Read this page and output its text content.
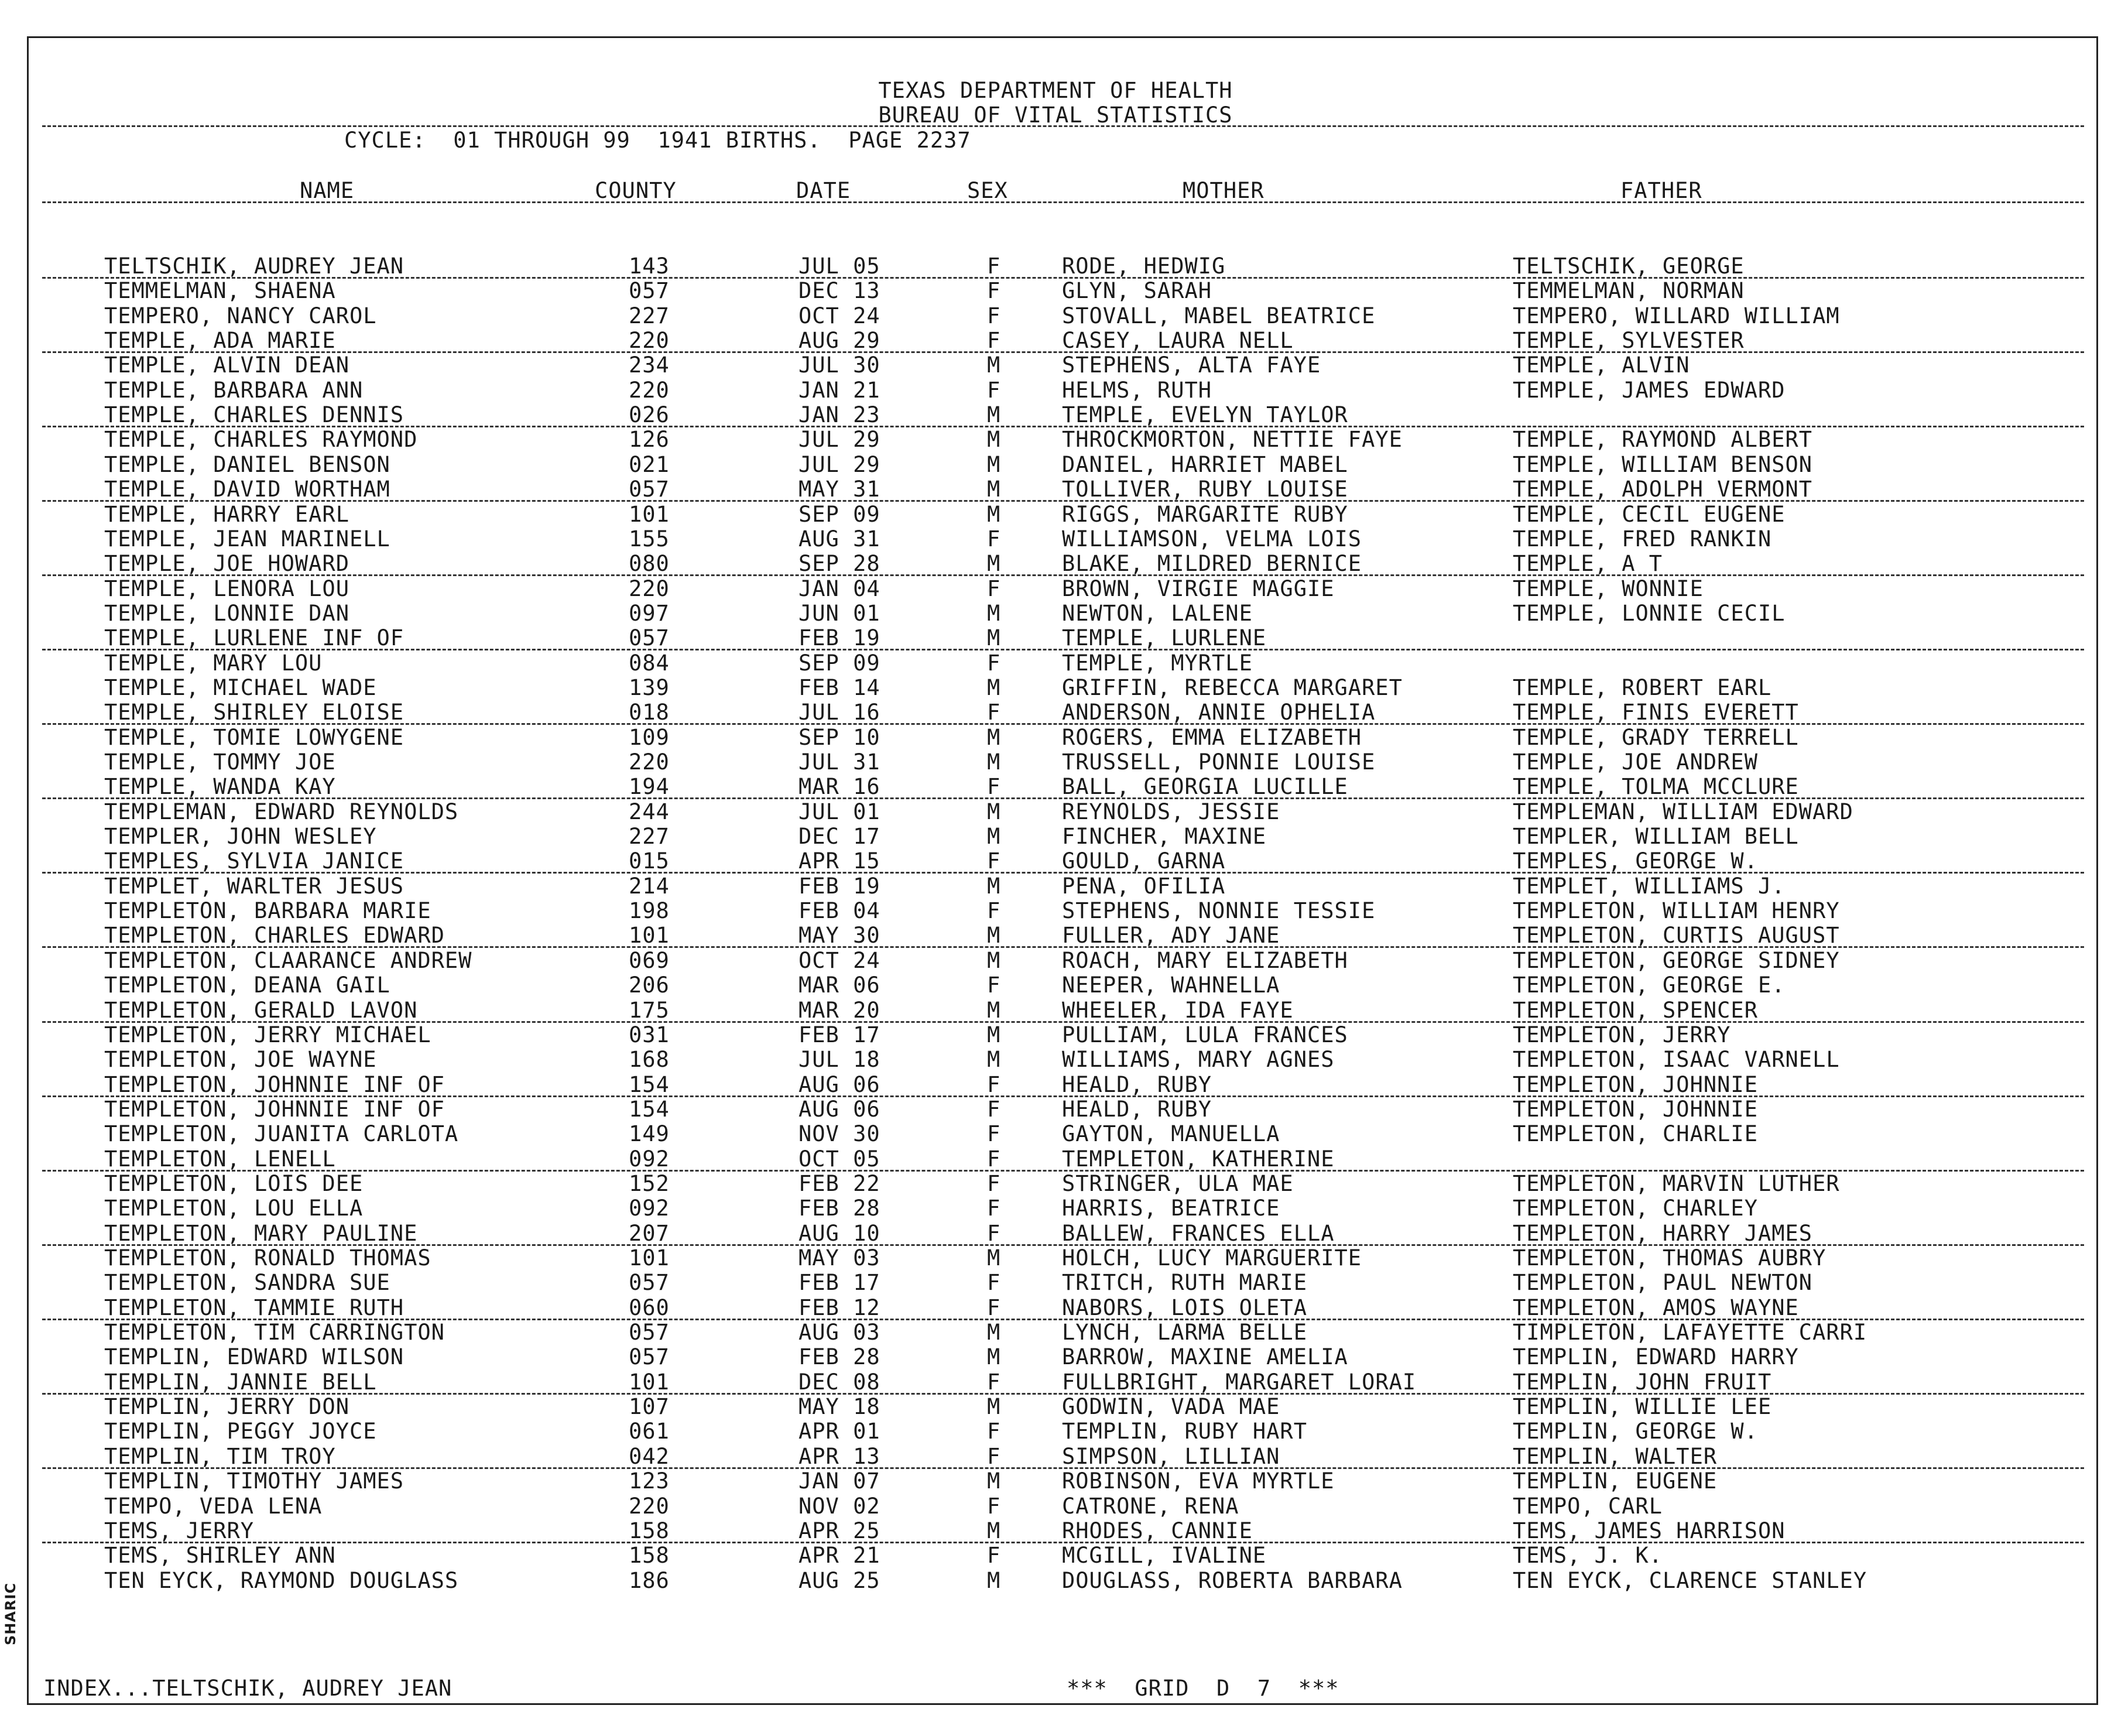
TEXAS DEPARTMENT OF HEALTH
BUREAU OF VITAL STATISTICS
CYCLE:  01 THROUGH 99  1941 BIRTHS.  PAGE 2237
NAME	COUNTY	DATE	SEX	MOTHER	FATHER
TELTSCHIK, AUDREY JEAN	143	JUL 05	F	RODE, HEDWIG	TELTSCHIK, GEORGE
TEMMELMAN, SHAENA	057	DEC 13	F	GLYN, SARAH	TEMMELMAN, NORMAN
TEMPERO, NANCY CAROL	227	OCT 24	F	STOVALL, MABEL BEATRICE	TEMPERO, WILLARD WILLIAM
TEMPLE, ADA MARIE	220	AUG 29	F	CASEY, LAURA NELL	TEMPLE, SYLVESTER
TEMPLE, ALVIN DEAN	234	JUL 30	M	STEPHENS, ALTA FAYE	TEMPLE, ALVIN
TEMPLE, BARBARA ANN	220	JAN 21	F	HELMS, RUTH	TEMPLE, JAMES EDWARD
TEMPLE, CHARLES DENNIS	026	JAN 23	M	TEMPLE, EVELYN TAYLOR
TEMPLE, CHARLES RAYMOND	126	JUL 29	M	THROCKMORTON, NETTIE FAYE	TEMPLE, RAYMOND ALBERT
TEMPLE, DANIEL BENSON	021	JUL 29	M	DANIEL, HARRIET MABEL	TEMPLE, WILLIAM BENSON
TEMPLE, DAVID WORTHAM	057	MAY 31	M	TOLLIVER, RUBY LOUISE	TEMPLE, ADOLPH VERMONT
TEMPLE, HARRY EARL	101	SEP 09	M	RIGGS, MARGARITE RUBY	TEMPLE, CECIL EUGENE
TEMPLE, JEAN MARINELL	155	AUG 31	F	WILLIAMSON, VELMA LOIS	TEMPLE, FRED RANKIN
TEMPLE, JOE HOWARD	080	SEP 28	M	BLAKE, MILDRED BERNICE	TEMPLE, A T
TEMPLE, LENORA LOU	220	JAN 04	F	BROWN, VIRGIE MAGGIE	TEMPLE, WONNIE
TEMPLE, LONNIE DAN	097	JUN 01	M	NEWTON, LALENE	TEMPLE, LONNIE CECIL
TEMPLE, LURLENE INF OF	057	FEB 19	M	TEMPLE, LURLENE
TEMPLE, MARY LOU	084	SEP 09	F	TEMPLE, MYRTLE
TEMPLE, MICHAEL WADE	139	FEB 14	M	GRIFFIN, REBECCA MARGARET	TEMPLE, ROBERT EARL
TEMPLE, SHIRLEY ELOISE	018	JUL 16	F	ANDERSON, ANNIE OPHELIA	TEMPLE, FINIS EVERETT
TEMPLE, TOMIE LOWYGENE	109	SEP 10	M	ROGERS, EMMA ELIZABETH	TEMPLE, GRADY TERRELL
TEMPLE, TOMMY JOE	220	JUL 31	M	TRUSSELL, PONNIE LOUISE	TEMPLE, JOE ANDREW
TEMPLE, WANDA KAY	194	MAR 16	F	BALL, GEORGIA LUCILLE	TEMPLE, TOLMA MCCLURE
TEMPLEMAN, EDWARD REYNOLDS	244	JUL 01	M	REYNOLDS, JESSIE	TEMPLEMAN, WILLIAM EDWARD
TEMPLER, JOHN WESLEY	227	DEC 17	M	FINCHER, MAXINE	TEMPLER, WILLIAM BELL
TEMPLES, SYLVIA JANICE	015	APR 15	F	GOULD, GARNA	TEMPLES, GEORGE W.
TEMPLET, WARLTER JESUS	214	FEB 19	M	PENA, OFILIA	TEMPLET, WILLIAMS J.
TEMPLETON, BARBARA MARIE	198	FEB 04	F	STEPHENS, NONNIE TESSIE	TEMPLETON, WILLIAM HENRY
TEMPLETON, CHARLES EDWARD	101	MAY 30	M	FULLER, ADY JANE	TEMPLETON, CURTIS AUGUST
TEMPLETON, CLAARANCE ANDREW	069	OCT 24	M	ROACH, MARY ELIZABETH	TEMPLETON, GEORGE SIDNEY
TEMPLETON, DEANA GAIL	206	MAR 06	F	NEEPER, WAHNELLA	TEMPLETON, GEORGE E.
TEMPLETON, GERALD LAVON	175	MAR 20	M	WHEELER, IDA FAYE	TEMPLETON, SPENCER
TEMPLETON, JERRY MICHAEL	031	FEB 17	M	PULLIAM, LULA FRANCES	TEMPLETON, JERRY
TEMPLETON, JOE WAYNE	168	JUL 18	M	WILLIAMS, MARY AGNES	TEMPLETON, ISAAC VARNELL
TEMPLETON, JOHNNIE INF OF	154	AUG 06	F	HEALD, RUBY	TEMPLETON, JOHNNIE
TEMPLETON, JOHNNIE INF OF	154	AUG 06	F	HEALD, RUBY	TEMPLETON, JOHNNIE
TEMPLETON, JUANITA CARLOTA	149	NOV 30	F	GAYTON, MANUELLA	TEMPLETON, CHARLIE
TEMPLETON, LENELL	092	OCT 05	F	TEMPLETON, KATHERINE
TEMPLETON, LOIS DEE	152	FEB 22	F	STRINGER, ULA MAE	TEMPLETON, MARVIN LUTHER
TEMPLETON, LOU ELLA	092	FEB 28	F	HARRIS, BEATRICE	TEMPLETON, CHARLEY
TEMPLETON, MARY PAULINE	207	AUG 10	F	BALLEW, FRANCES ELLA	TEMPLETON, HARRY JAMES
TEMPLETON, RONALD THOMAS	101	MAY 03	M	HOLCH, LUCY MARGUERITE	TEMPLETON, THOMAS AUBRY
TEMPLETON, SANDRA SUE	057	FEB 17	F	TRITCH, RUTH MARIE	TEMPLETON, PAUL NEWTON
TEMPLETON, TAMMIE RUTH	060	FEB 12	F	NABORS, LOIS OLETA	TEMPLETON, AMOS WAYNE
TEMPLETON, TIM CARRINGTON	057	AUG 03	M	LYNCH, LARMA BELLE	TIMPLETON, LAFAYETTE CARRI
TEMPLIN, EDWARD WILSON	057	FEB 28	M	BARROW, MAXINE AMELIA	TEMPLIN, EDWARD HARRY
TEMPLIN, JANNIE BELL	101	DEC 08	F	FULLBRIGHT, MARGARET LORAI	TEMPLIN, JOHN FRUIT
TEMPLIN, JERRY DON	107	MAY 18	M	GODWIN, VADA MAE	TEMPLIN, WILLIE LEE
TEMPLIN, PEGGY JOYCE	061	APR 01	F	TEMPLIN, RUBY HART	TEMPLIN, GEORGE W.
TEMPLIN, TIM TROY	042	APR 13	F	SIMPSON, LILLIAN	TEMPLIN, WALTER
TEMPLIN, TIMOTHY JAMES	123	JAN 07	M	ROBINSON, EVA MYRTLE	TEMPLIN, EUGENE
TEMPO, VEDA LENA	220	NOV 02	F	CATRONE, RENA	TEMPO, CARL
TEMS, JERRY	158	APR 25	M	RHODES, CANNIE	TEMS, JAMES HARRISON
TEMS, SHIRLEY ANN	158	APR 21	F	MCGILL, IVALINE	TEMS, J. K.
TEN EYCK, RAYMOND DOUGLASS	186	AUG 25	M	DOUGLASS, ROBERTA BARBARA	TEN EYCK, CLARENCE STANLEY
INDEX...TELTSCHIK, AUDREY JEAN	***  GRID  D  7  ***
SHARIC
